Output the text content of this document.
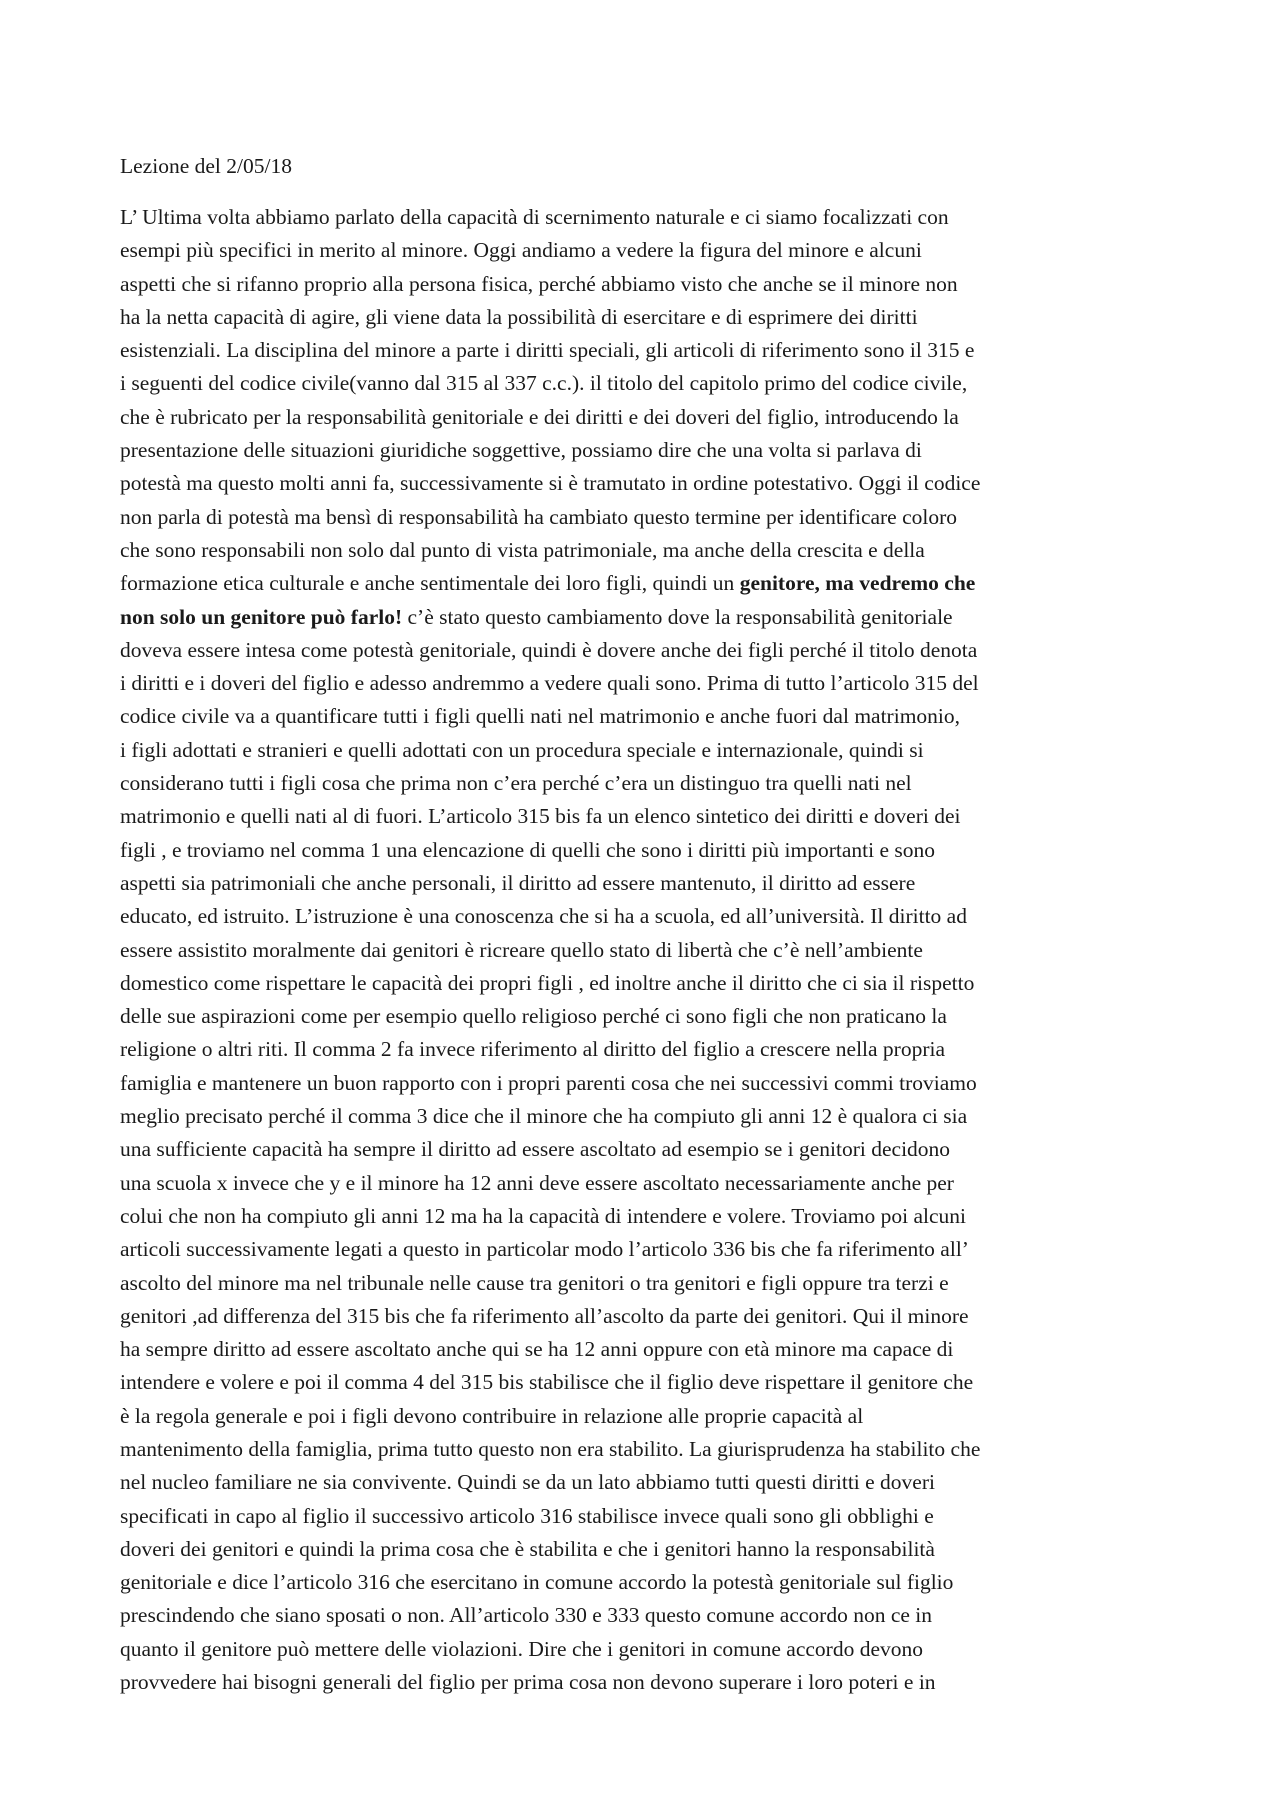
Lezione del 2/05/18
L’ Ultima volta abbiamo parlato della capacità di scernimento naturale e ci siamo focalizzati con
esempi più specifici in merito al minore. Oggi andiamo a vedere la figura del minore e alcuni
aspetti che si rifanno proprio alla persona fisica, perché abbiamo visto che anche se il minore non
ha la netta capacità di agire, gli viene data la possibilità di esercitare e di esprimere dei diritti
esistenziali. La disciplina del minore a parte i diritti speciali, gli articoli di riferimento sono il 315 e
i seguenti del codice civile(vanno dal 315 al 337 c.c.). il titolo del capitolo primo del codice civile,
che è rubricato per la responsabilità genitoriale e dei diritti e dei doveri del figlio, introducendo la
presentazione delle situazioni giuridiche soggettive, possiamo dire che una volta si parlava di
potestà ma questo molti anni fa, successivamente si è tramutato in ordine potestativo. Oggi il codice
non parla di potestà ma bensì di responsabilità ha cambiato questo termine per identificare coloro
che sono responsabili non solo dal punto di vista patrimoniale, ma anche della crescita e della
formazione etica culturale e anche sentimentale dei loro figli, quindi un genitore, ma vedremo che
non solo un genitore può farlo! c’è stato questo cambiamento dove la responsabilità genitoriale
doveva essere intesa come potestà genitoriale, quindi è dovere anche dei figli perché il titolo denota
i diritti e i doveri del figlio e adesso andremmo a vedere quali sono. Prima di tutto l’articolo 315 del
codice civile va a quantificare tutti i figli quelli nati nel matrimonio e anche fuori dal matrimonio,
i figli adottati e stranieri e quelli adottati con un procedura speciale e internazionale, quindi si
considerano tutti i figli cosa che prima non c’era perché c’era un distinguo tra quelli nati nel
matrimonio e quelli nati al di fuori. L’articolo 315 bis fa un elenco sintetico dei diritti e doveri dei
figli , e troviamo nel comma 1 una elencazione di quelli che sono i diritti più importanti e sono
aspetti sia patrimoniali che anche personali, il diritto ad essere mantenuto, il diritto ad essere
educato, ed istruito. L’istruzione è una conoscenza che si ha a scuola, ed all’università. Il diritto ad
essere assistito moralmente dai genitori è ricreare quello stato di libertà che c’è nell’ambiente
domestico come rispettare le capacità dei propri figli , ed inoltre anche il diritto che ci sia il rispetto
delle sue aspirazioni come per esempio quello religioso perché ci sono figli che non praticano la
religione o altri riti. Il comma 2 fa invece riferimento al diritto del figlio a crescere nella propria
famiglia e mantenere un buon rapporto con i propri parenti cosa che nei successivi commi troviamo
meglio precisato perché il comma 3 dice che il minore che ha compiuto gli anni 12 è qualora ci sia
una sufficiente capacità ha sempre il diritto ad essere ascoltato ad esempio se i genitori decidono
una scuola x invece che y e il minore ha 12 anni deve essere ascoltato necessariamente anche per
colui che non ha compiuto gli anni 12 ma ha la capacità di intendere e volere. Troviamo poi alcuni
articoli successivamente legati a questo in particolar modo l’articolo 336 bis che fa riferimento all’
ascolto del minore ma nel tribunale nelle cause tra genitori o tra genitori e figli oppure tra terzi e
genitori ,ad differenza del 315 bis che fa riferimento all’ascolto da parte dei genitori. Qui il minore
ha sempre diritto ad essere ascoltato anche qui se ha 12 anni oppure con età minore ma capace di
intendere e volere e poi il comma 4 del 315 bis stabilisce che il figlio deve rispettare il genitore che
è la regola generale e poi i figli devono contribuire in relazione alle proprie capacità al
mantenimento della famiglia, prima tutto questo non era stabilito. La giurisprudenza ha stabilito che
nel nucleo familiare ne sia convivente. Quindi se da un lato abbiamo tutti questi diritti e doveri
specificati in capo al figlio il successivo articolo 316 stabilisce invece quali sono gli obblighi e
doveri dei genitori e quindi la prima cosa che è stabilita e che i genitori hanno la responsabilità
genitoriale e dice l’articolo 316 che esercitano in comune accordo la potestà genitoriale sul figlio
prescindendo che siano sposati o non. All’articolo 330 e 333 questo comune accordo non ce in
quanto il genitore può mettere delle violazioni. Dire che i genitori in comune accordo devono
provvedere hai bisogni generali del figlio per prima cosa non devono superare i loro poteri e in
